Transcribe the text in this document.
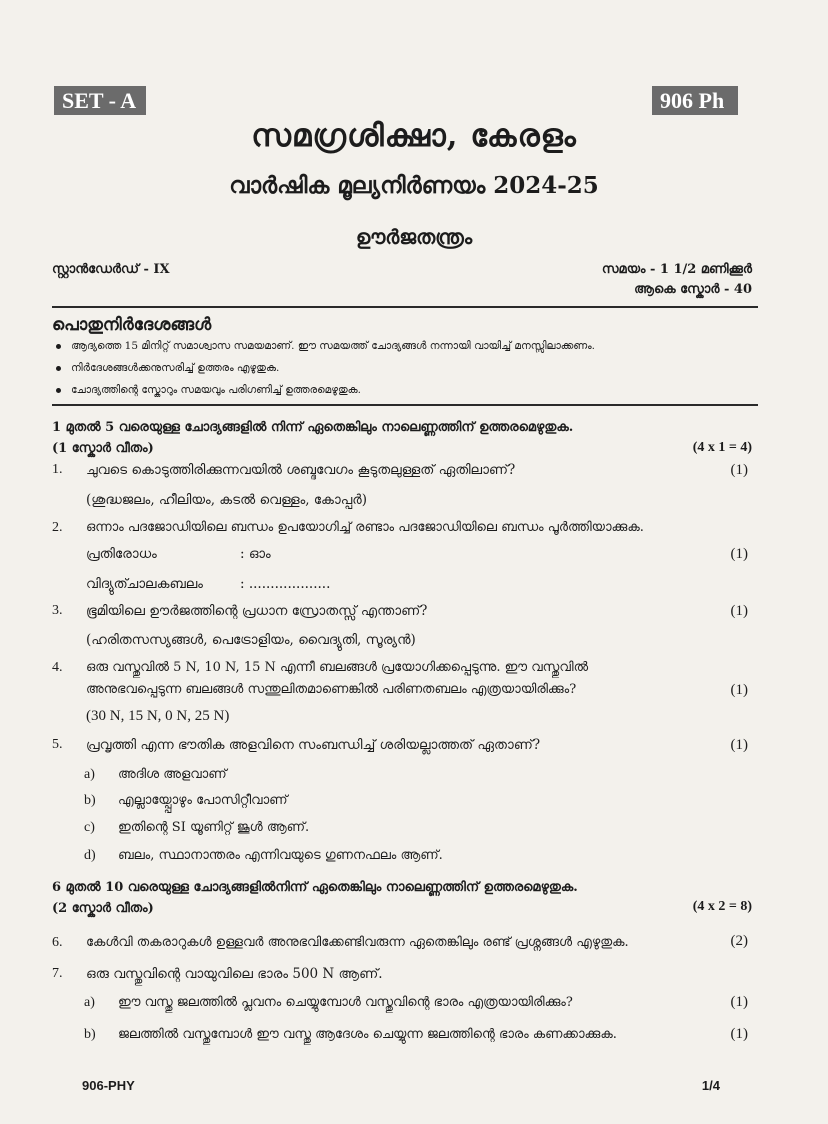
SET - A	906 Ph
സമഗ്രശിക്ഷാ, കേരളം
വാർഷിക മൂല്യനിർണയം 2024-25
ഊർജതന്ത്രം
സ്റ്റാൻഡേർഡ് - IX	സമയം - 1 1/2 മണിക്കൂർ
ആകെ സ്കോർ - 40
പൊതുനിർദേശങ്ങൾ
ആദ്യത്തെ 15 മിനിറ്റ് സമാശ്വാസ സമയമാണ്. ഈ സമയത്ത് ചോദ്യങ്ങൾ നന്നായി വായിച്ച് മനസ്സിലാക്കണം.
നിർദേശങ്ങൾക്കനുസരിച്ച് ഉത്തരം എഴുതുക.
ചോദ്യത്തിന്റെ സ്കോറും സമയവും പരിഗണിച്ച് ഉത്തരമെഴുതുക.
1 മുതൽ 5 വരെയുള്ള ചോദ്യങ്ങളിൽ നിന്ന് ഏതെങ്കിലും നാലെണ്ണത്തിന് ഉത്തരമെഴുതുക.
(1 സ്കോർ വീതം)	(4 x 1 = 4)
1. ചുവടെ കൊടുത്തിരിക്കുന്നവയിൽ ശബ്ദവേഗം കൂടുതലുള്ളത് ഏതിലാണ്?	(1)
(ശുദ്ധജലം, ഹീലിയം, കടൽ വെള്ളം, കോപ്പർ)
2. ഒന്നാം പദജോഡിയിലെ ബന്ധം ഉപയോഗിച്ച് രണ്ടാം പദജോഡിയിലെ ബന്ധം പൂർത്തിയാക്കുക.
പ്രതിരോധം	: ഓം	(1)
വിദ്യുത്ചാലകബലം	: ...................
3. ഭൂമിയിലെ ഊർജത്തിന്റെ പ്രധാന സ്രോതസ്സ് എന്താണ്?	(1)
(ഹരിതസസ്യങ്ങൾ, പെട്രോളിയം, വൈദ്യുതി, സൂര്യൻ)
4. ഒരു വസ്തുവിൽ 5 N, 10 N, 15 N എന്നീ ബലങ്ങൾ പ്രയോഗിക്കപ്പെടുന്നു. ഈ വസ്തുവിൽ
അനുഭവപ്പെടുന്ന ബലങ്ങൾ സന്തുലിതമാണെങ്കിൽ പരിണതബലം എത്രയായിരിക്കും?	(1)
(30 N, 15 N, 0 N, 25 N)
5. പ്രവൃത്തി എന്ന ഭൗതിക അളവിനെ സംബന്ധിച്ച് ശരിയല്ലാത്തത് ഏതാണ്?	(1)
a) അദിശ അളവാണ്
b) എല്ലായ്പ്പോഴും പോസിറ്റീവാണ്
c) ഇതിന്റെ SI യൂണിറ്റ് ജൂൾ ആണ്.
d) ബലം, സ്ഥാനാന്തരം എന്നിവയുടെ ഗുണനഫലം ആണ്.
6 മുതൽ 10 വരെയുള്ള ചോദ്യങ്ങളിൽനിന്ന് ഏതെങ്കിലും നാലെണ്ണത്തിന് ഉത്തരമെഴുതുക.
(2 സ്കോർ വീതം)	(4 x 2 = 8)
6. കേൾവി തകരാറുകൾ ഉള്ളവർ അനുഭവിക്കേണ്ടിവരുന്ന ഏതെങ്കിലും രണ്ട് പ്രശ്നങ്ങൾ എഴുതുക.	(2)
7. ഒരു വസ്തുവിന്റെ വായുവിലെ ഭാരം 500 N ആണ്.
a) ഈ വസ്തു ജലത്തിൽ പ്ലവനം ചെയ്യുമ്പോൾ വസ്തുവിന്റെ ഭാരം എത്രയായിരിക്കും?	(1)
b) ജലത്തിൽ വസ്തുമ്പോൾ ഈ വസ്തു ആദേശം ചെയ്യുന്ന ജലത്തിന്റെ ഭാരം കണക്കാക്കുക.	(1)
906-PHY	1/4
